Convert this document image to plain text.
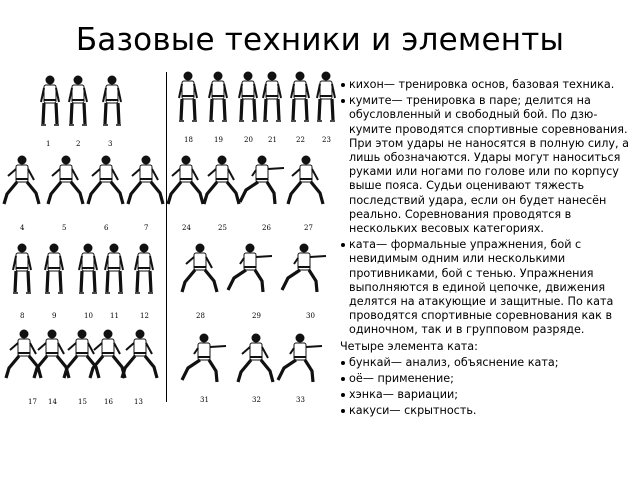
Базовые техники и элементы
1	2	3
4	5	6	7
8	9	10 11	12
17 14	15 16	13
18	19	20 21	22 23
24	25	26	27
28	29	30
31	32	33
кихон— тренировка основ, базовая техника.
кумите— тренировка в паре; делится на обусловленный и свободный бой. По дзю-кумите проводятся спортивные соревнования. При этом удары не наносятся в полную силу, а лишь обозначаются. Удары могут наноситься руками или ногами по голове или по корпусу выше пояса. Судьи оценивают тяжесть последствий удара, если он будет нанесён реально. Соревнования проводятся в нескольких весовых категориях.
ката— формальные упражнения, бой с невидимым одним или несколькими противниками, бой с тенью. Упражнения выполняются в единой цепочке, движения делятся на атакующие и защитные. По ката проводятся спортивные соревнования как в одиночном, так и в групповом разряде.
Четыре элемента ката:
бункай— анализ, объяснение ката;
оё— применение;
хэнка— вариации;
какуси— скрытность.
